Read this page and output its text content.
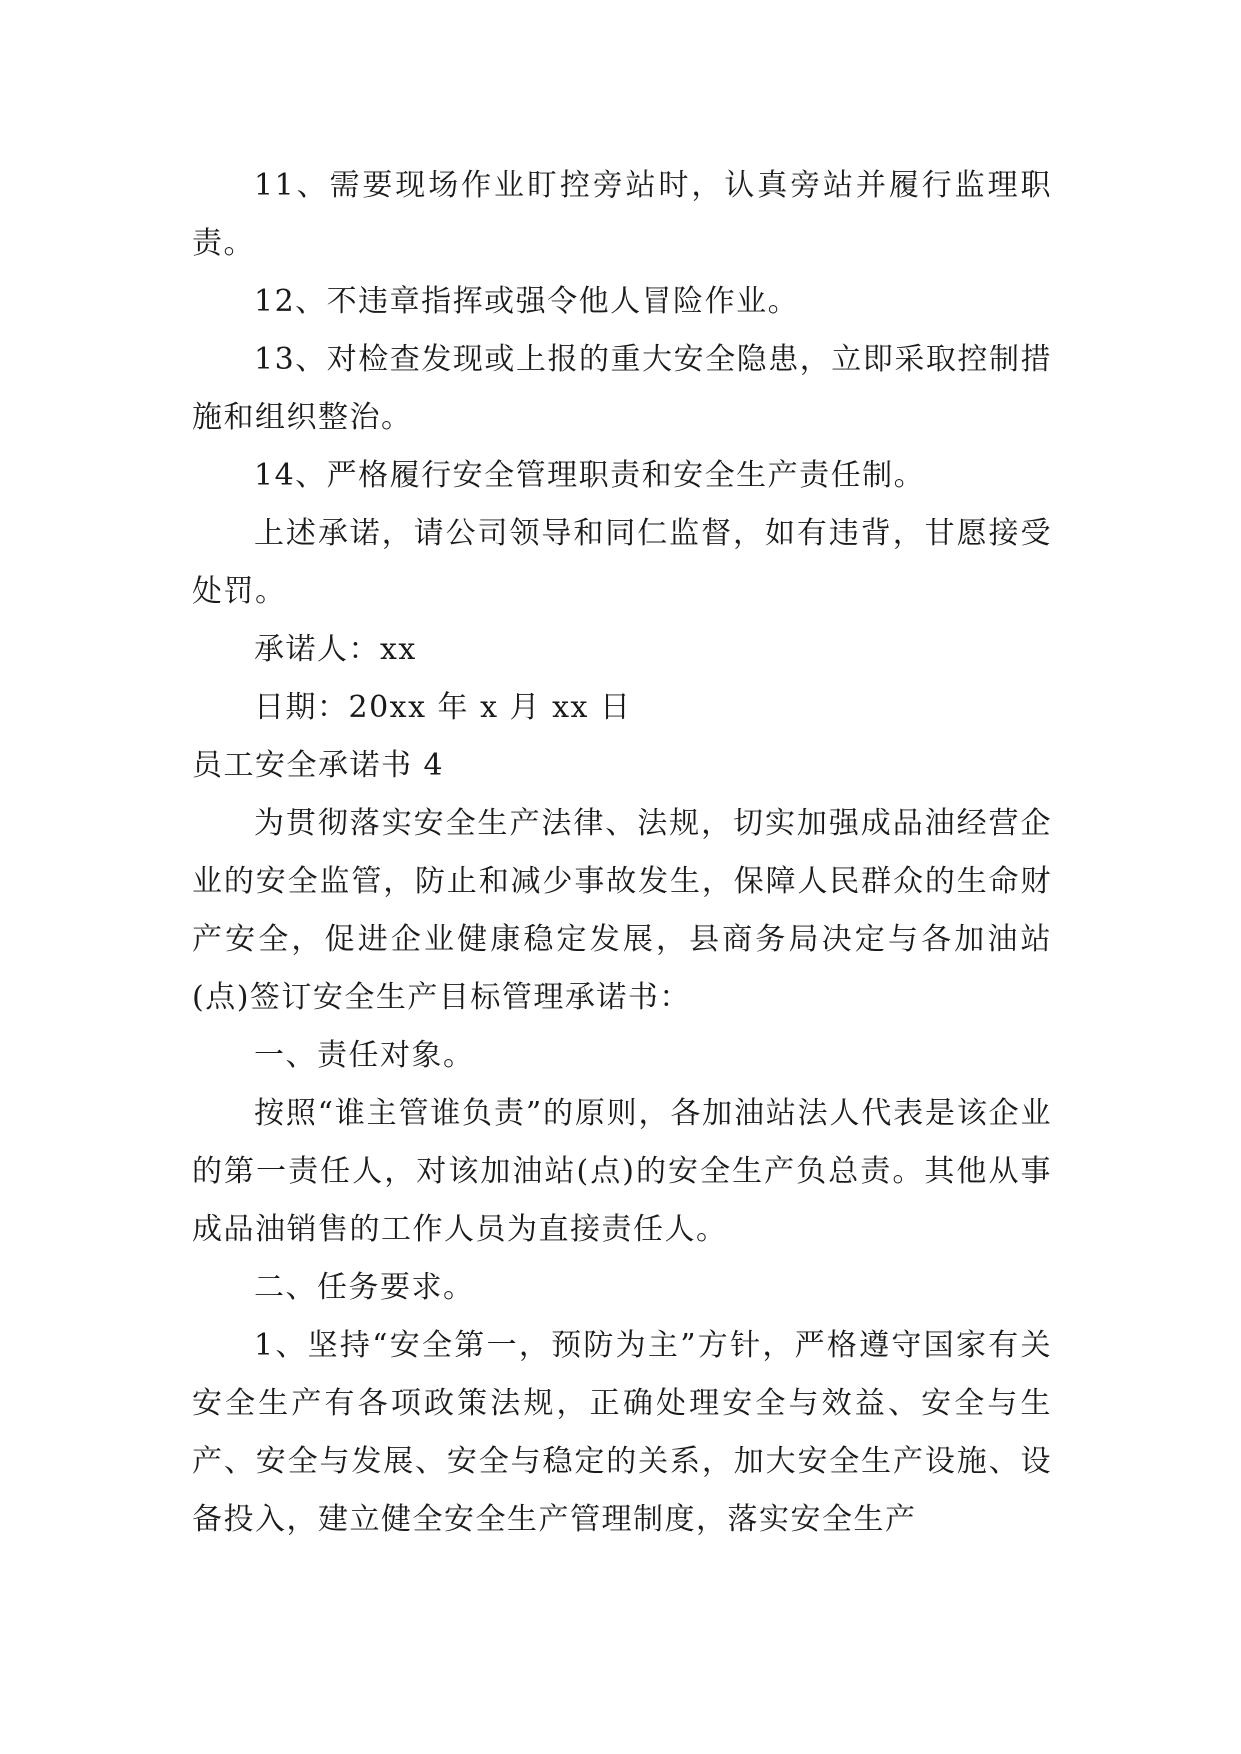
11、需要现场作业盯控旁站时，认真旁站并履行监理职责。

12、不违章指挥或强令他人冒险作业。

13、对检查发现或上报的重大安全隐患，立即采取控制措施和组织整治。

14、严格履行安全管理职责和安全生产责任制。

上述承诺，请公司领导和同仁监督，如有违背，甘愿接受处罚。

承诺人：xx

日期：20xx 年 x 月 xx 日

员工安全承诺书 4

为贯彻落实安全生产法律、法规，切实加强成品油经营企业的安全监管，防止和减少事故发生，保障人民群众的生命财产安全，促进企业健康稳定发展，县商务局决定与各加油站(点)签订安全生产目标管理承诺书：

一、责任对象。

按照“谁主管谁负责”的原则，各加油站法人代表是该企业的第一责任人，对该加油站(点)的安全生产负总责。其他从事成品油销售的工作人员为直接责任人。

二、任务要求。

1、坚持“安全第一，预防为主”方针，严格遵守国家有关安全生产有各项政策法规，正确处理安全与效益、安全与生产、安全与发展、安全与稳定的关系，加大安全生产设施、设备投入，建立健全安全生产管理制度，落实安全生产
